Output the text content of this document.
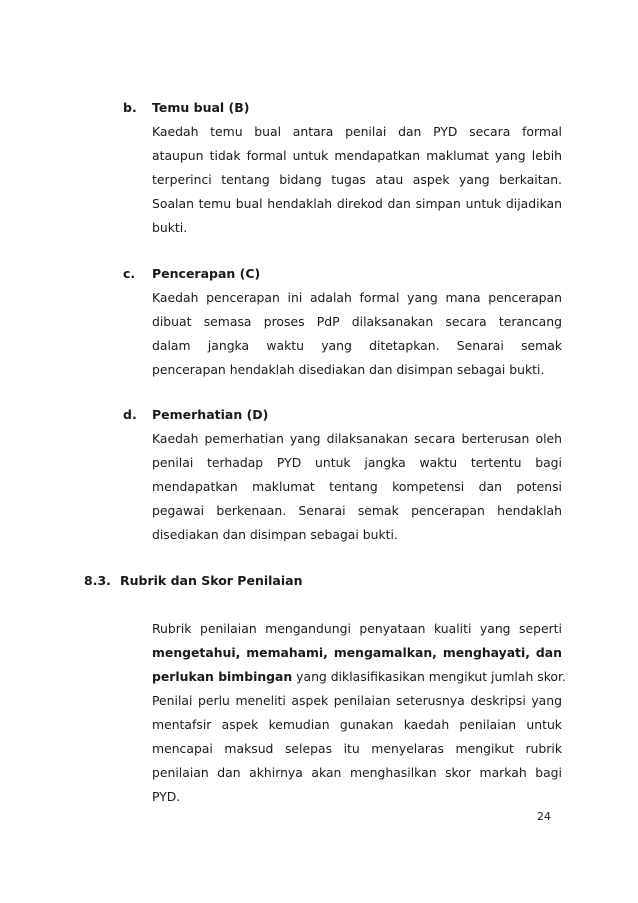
b. Temu bual (B)
Kaedah temu bual antara penilai dan PYD secara formal
ataupun tidak formal untuk mendapatkan maklumat yang lebih
terperinci tentang bidang tugas atau aspek yang berkaitan.
Soalan temu bual hendaklah direkod dan simpan untuk dijadikan
bukti.
c. Pencerapan (C)
Kaedah pencerapan ini adalah formal yang mana pencerapan
dibuat semasa proses PdP dilaksanakan secara terancang
dalam jangka waktu yang ditetapkan. Senarai semak
pencerapan hendaklah disediakan dan disimpan sebagai bukti.
d. Pemerhatian (D)
Kaedah pemerhatian yang dilaksanakan secara berterusan oleh
penilai terhadap PYD untuk jangka waktu tertentu bagi
mendapatkan maklumat tentang kompetensi dan potensi
pegawai berkenaan. Senarai semak pencerapan hendaklah
disediakan dan disimpan sebagai bukti.
8.3. Rubrik dan Skor Penilaian
Rubrik penilaian mengandungi penyataan kualiti yang seperti
mengetahui, memahami, mengamalkan, menghayati, dan
perlukan bimbingan yang diklasifikasikan mengikut jumlah skor.
Penilai perlu meneliti aspek penilaian seterusnya deskripsi yang
mentafsir aspek kemudian gunakan kaedah penilaian untuk
mencapai maksud selepas itu menyelaras mengikut rubrik
penilaian dan akhirnya akan menghasilkan skor markah bagi
PYD.
24
